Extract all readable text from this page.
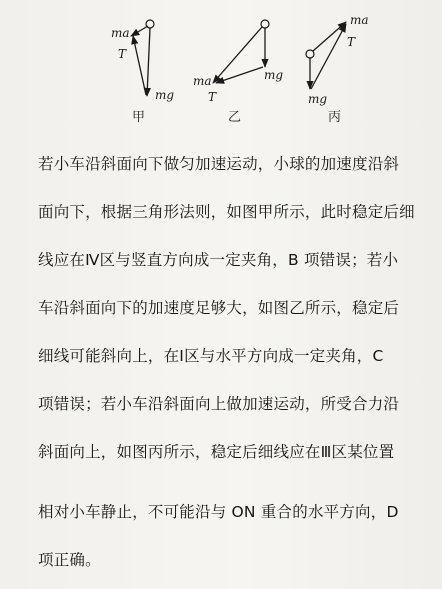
ma
T
mg
ma
T
mg
ma
T
mg
甲	乙	丙
若小车沿斜面向下做匀加速运动，小球的加速度沿斜
面向下，根据三角形法则，如图甲所示，此时稳定后细
线应在Ⅳ区与竖直方向成一定夹角，B 项错误；若小
车沿斜面向下的加速度足够大，如图乙所示，稳定后
细线可能斜向上，在Ⅰ区与水平方向成一定夹角，C
项错误；若小车沿斜面向上做加速运动，所受合力沿
斜面向上，如图丙所示，稳定后细线应在Ⅲ区某位置
相对小车静止，不可能沿与 ON 重合的水平方向，D
项正确。
